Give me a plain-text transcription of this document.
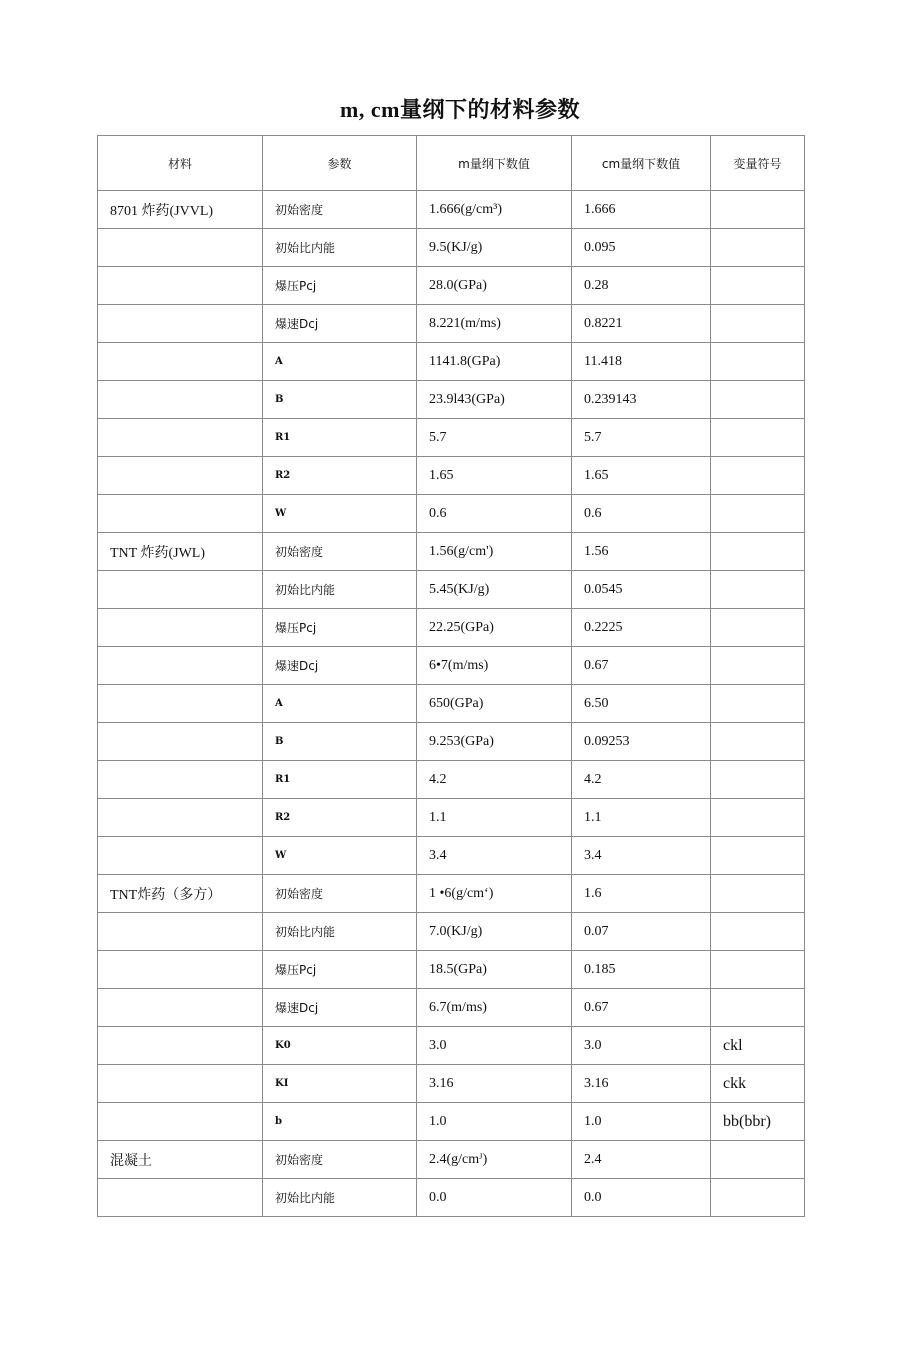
m, cm量纲下的材料参数
材料	参数	m量纲下数值	cm量纲下数值	变量符号
8701 炸药(JVVL)	初始密度	1.666(g/cm³)	1.666	
	初始比内能	9.5(KJ/g)	0.095	
	爆压Pcj	28.0(GPa)	0.28	
	爆速Dcj	8.221(m/ms)	0.8221	
	A	1141.8(GPa)	11.418	
	B	23.9l43(GPa)	0.239143	
	R1	5.7	5.7	
	R2	1.65	1.65	
	W	0.6	0.6	
TNT 炸药(JWL)	初始密度	1.56(g/cm')	1.56	
	初始比内能	5.45(KJ/g)	0.0545	
	爆压Pcj	22.25(GPa)	0.2225	
	爆速Dcj	6•7(m/ms)	0.67	
	A	650(GPa)	6.50	
	B	9.253(GPa)	0.09253	
	R1	4.2	4.2	
	R2	1.1	1.1	
	W	3.4	3.4	
TNT炸药（多方）	初始密度	1 •6(g/cm‘)	1.6	
	初始比内能	7.0(KJ/g)	0.07	
	爆压Pcj	18.5(GPa)	0.185	
	爆速Dcj	6.7(m/ms)	0.67	
	K0	3.0	3.0	ckl
	KI	3.16	3.16	ckk
	b	1.0	1.0	bb(bbr)
混凝土	初始密度	2.4(g/cmᴶ)	2.4	
	初始比内能	0.0	0.0	
